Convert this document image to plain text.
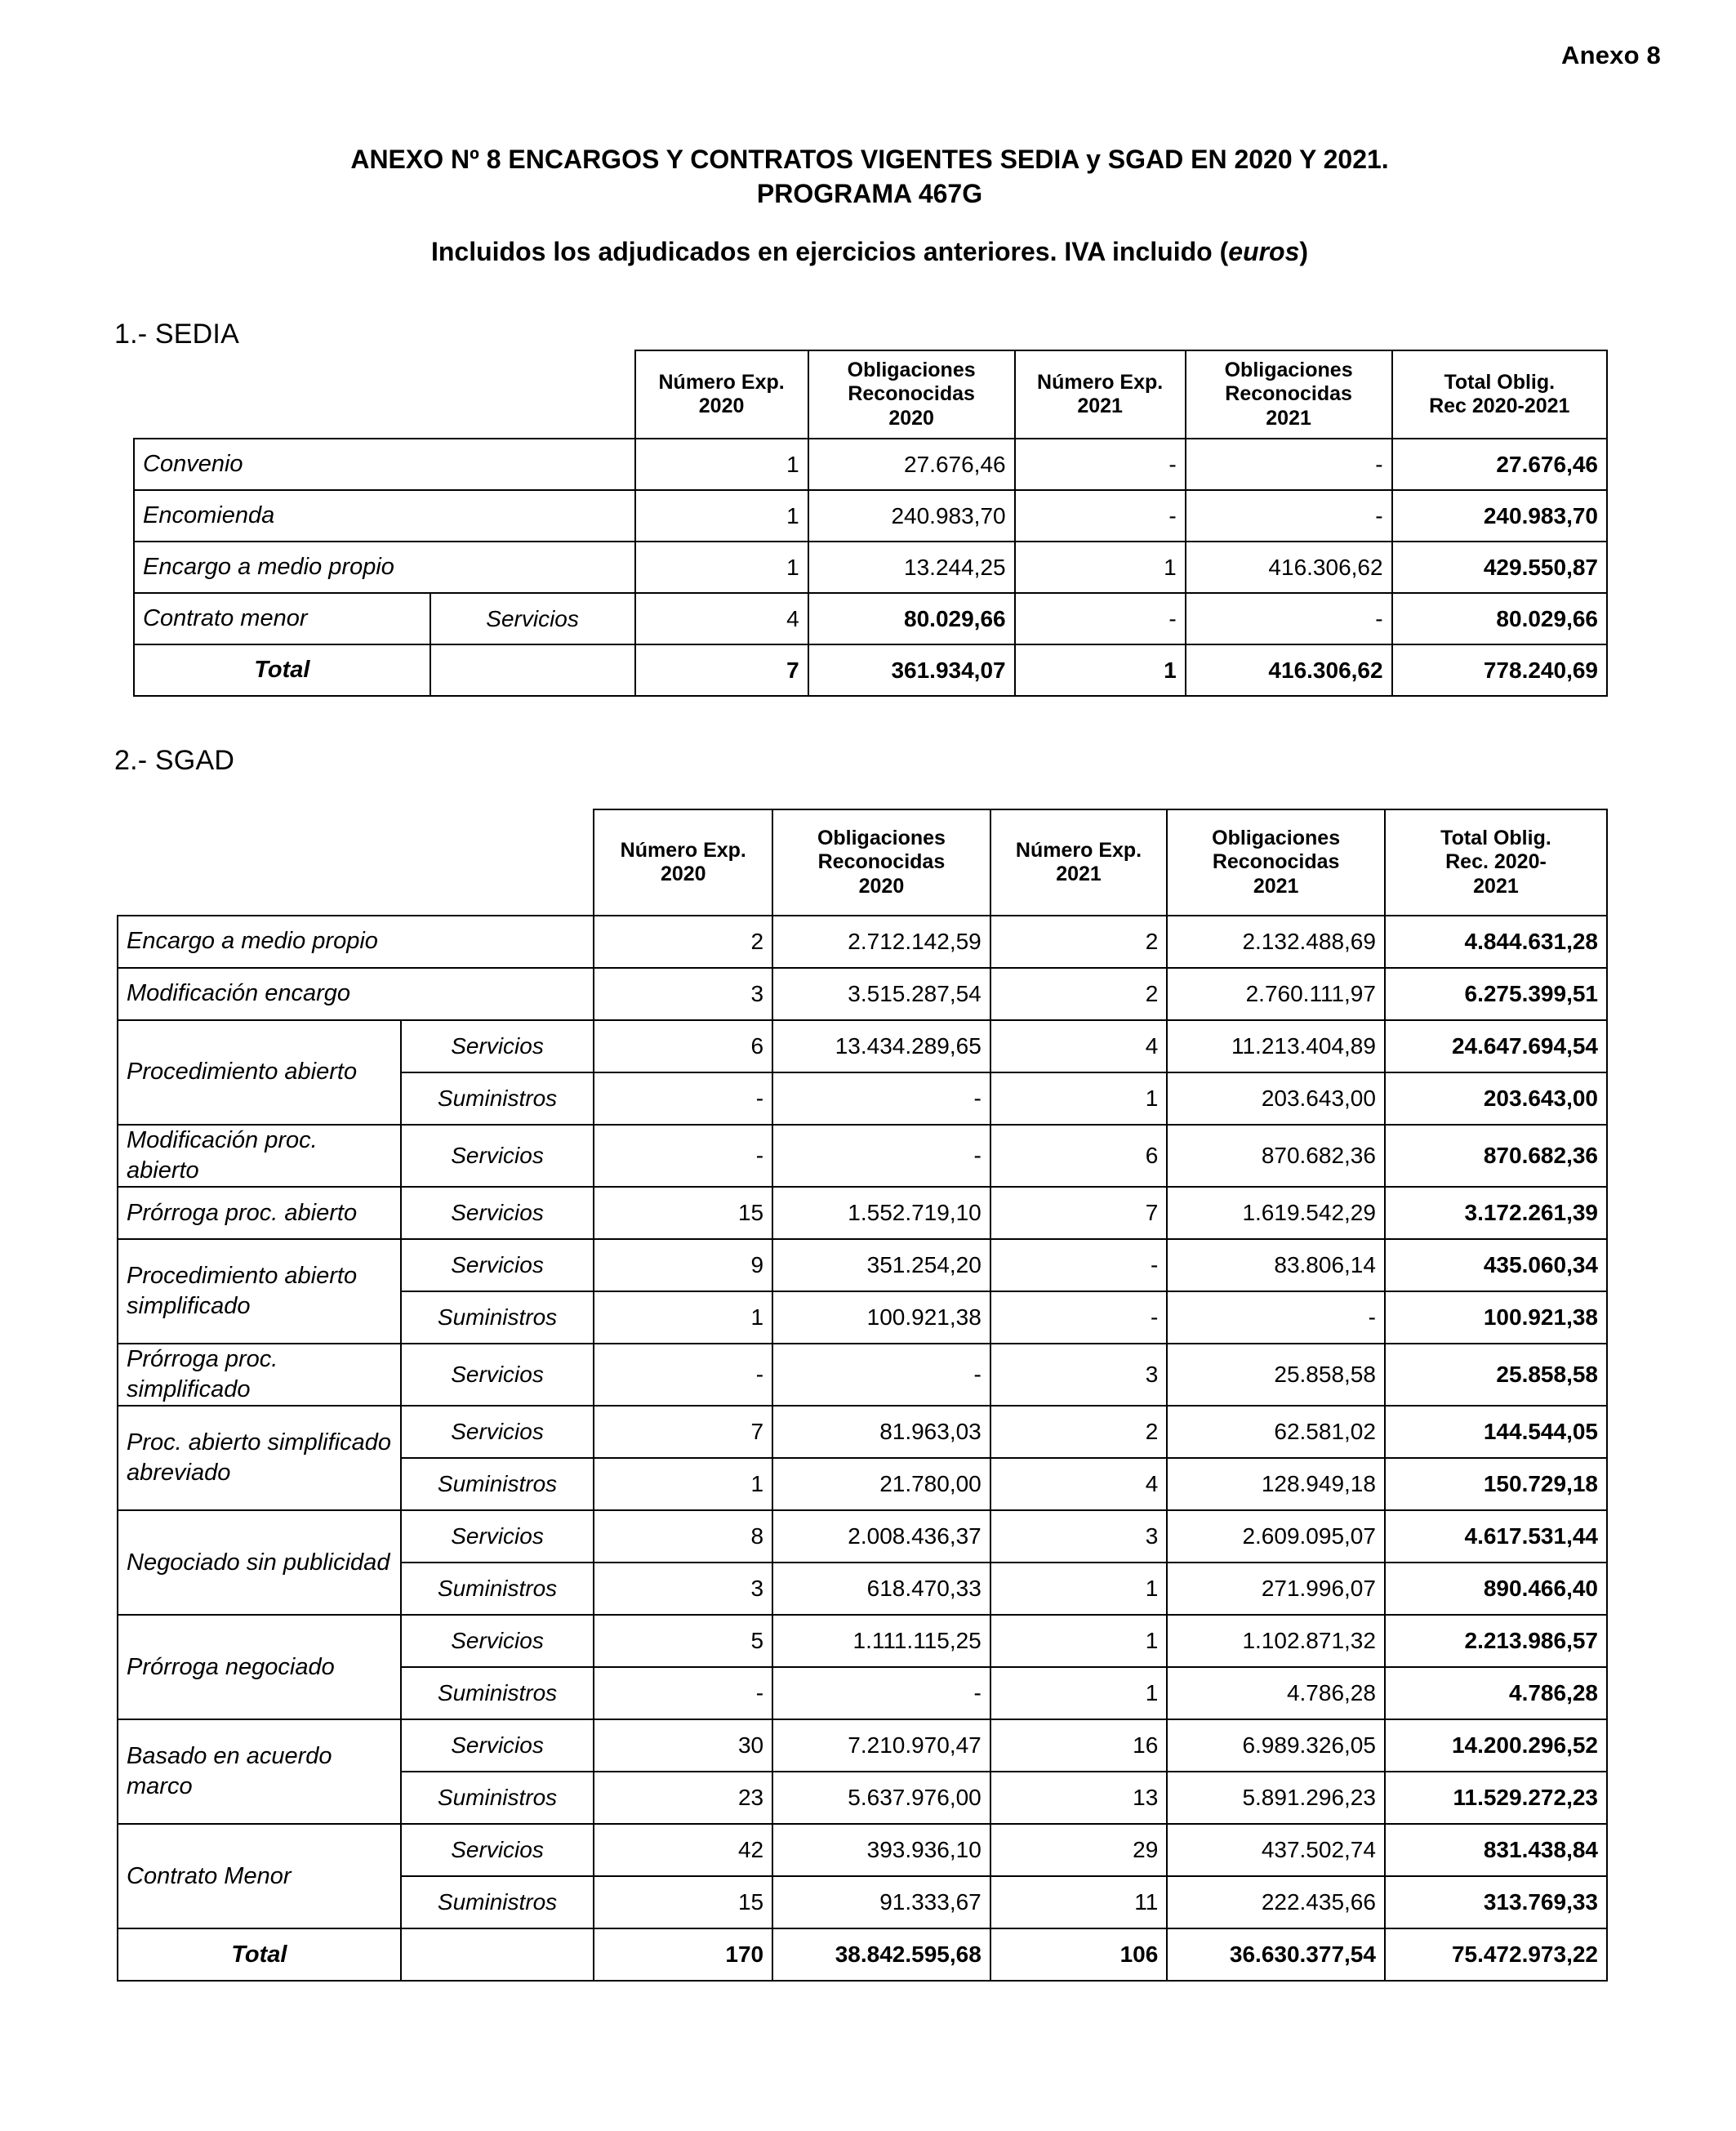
Anexo 8
ANEXO Nº 8 ENCARGOS Y CONTRATOS VIGENTES SEDIA y SGAD EN 2020 Y 2021.
PROGRAMA 467G
Incluidos los adjudicados en ejercicios anteriores. IVA incluido (euros)
1.- SEDIA
		Número Exp.
2020	Obligaciones
Reconocidas
2020	Número Exp.
2021	Obligaciones
Reconocidas
2021	Total Oblig.
Rec 2020-2021
Convenio		1	27.676,46	-	-	27.676,46
Encomienda		1	240.983,70	-	-	240.983,70
Encargo a medio propio		1	13.244,25	1	416.306,62	429.550,87
Contrato menor	Servicios	4	80.029,66	-	-	80.029,66
Total		7	361.934,07	1	416.306,62	778.240,69
2.- SGAD
		Número Exp.
2020	Obligaciones
Reconocidas
2020	Número Exp.
2021	Obligaciones
Reconocidas
2021	Total Oblig.
Rec. 2020-
2021
Encargo a medio propio		2	2.712.142,59	2	2.132.488,69	4.844.631,28
Modificación encargo		3	3.515.287,54	2	2.760.111,97	6.275.399,51
Procedimiento abierto	Servicios	6	13.434.289,65	4	11.213.404,89	24.647.694,54
	Suministros	-	-	1	203.643,00	203.643,00
Modificación proc. abierto	Servicios	-	-	6	870.682,36	870.682,36
Prórroga proc. abierto	Servicios	15	1.552.719,10	7	1.619.542,29	3.172.261,39
Procedimiento abierto simplificado	Servicios	9	351.254,20	-	83.806,14	435.060,34
	Suministros	1	100.921,38	-	-	100.921,38
Prórroga proc. simplificado	Servicios	-	-	3	25.858,58	25.858,58
Proc. abierto simplificado abreviado	Servicios	7	81.963,03	2	62.581,02	144.544,05
	Suministros	1	21.780,00	4	128.949,18	150.729,18
Negociado sin publicidad	Servicios	8	2.008.436,37	3	2.609.095,07	4.617.531,44
	Suministros	3	618.470,33	1	271.996,07	890.466,40
Prórroga negociado	Servicios	5	1.111.115,25	1	1.102.871,32	2.213.986,57
	Suministros	-	-	1	4.786,28	4.786,28
Basado en acuerdo marco	Servicios	30	7.210.970,47	16	6.989.326,05	14.200.296,52
	Suministros	23	5.637.976,00	13	5.891.296,23	11.529.272,23
Contrato Menor	Servicios	42	393.936,10	29	437.502,74	831.438,84
	Suministros	15	91.333,67	11	222.435,66	313.769,33
Total		170	38.842.595,68	106	36.630.377,54	75.472.973,22
